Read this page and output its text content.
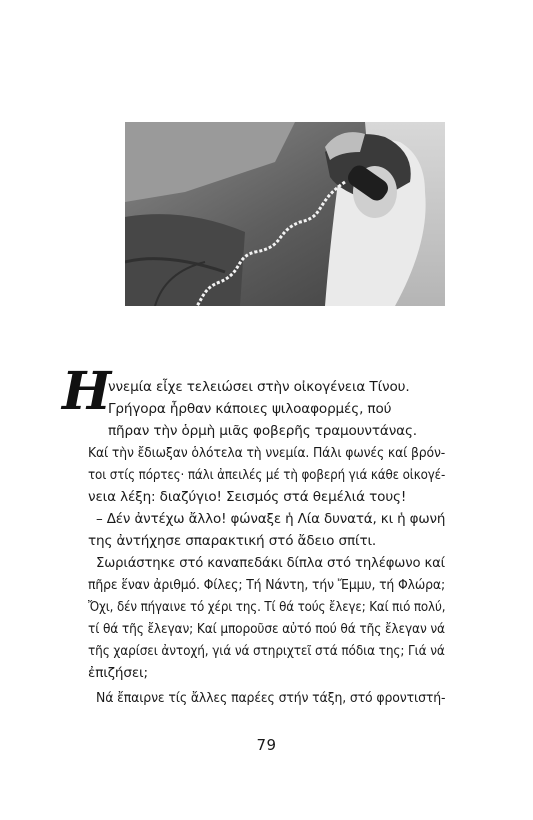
Η
ννεμία εἶχε τελειώσει στὴν οἰκογένεια Τίνου.
Γρήγορα ἦρθαν κάποιες ψιλοαφορμές, πού
πῆραν τὴν ὁρμὴ μιᾶς φοβερῆς τραμουντάνας.
Καί τὴν ἔδιωξαν ὁλότελα τὴ ννεμία. Πάλι φωνές καί βρόν-
τοι στίς πόρτες· πάλι ἀπειλές μέ τὴ φοβερή γιά κάθε οἰκογέ-
νεια λέξη: διαζύγιο! Σεισμός στά θεμέλιά τους!
– Δέν ἀντέχω ἄλλο! φώναξε ἡ Λία δυνατά, κι ἡ φωνή
της ἀντήχησε σπαρακτική στό ἄδειο σπίτι.
Σωριάστηκε στό καναπεδάκι δίπλα στό τηλέφωνο καί
πῆρε ἕναν ἀριθμό. Φίλες; Τή Νάντη, τήν Ἔμμυ, τή Φλώρα;
Ὄχι, δέν πήγαινε τό χέρι της. Τί θά τούς ἔλεγε; Καί πιό πολύ,
τί θά τῆς ἔλεγαν; Καί μποροῦσε αὐτό πού θά τῆς ἔλεγαν νά
τῆς χαρίσει ἀντοχή, γιά νά στηριχτεῖ στά πόδια της; Γιά νά
ἐπιζήσει;
Νά ἔπαιρνε τίς ἄλλες παρέες στήν τάξη, στό φροντιστή-
79
